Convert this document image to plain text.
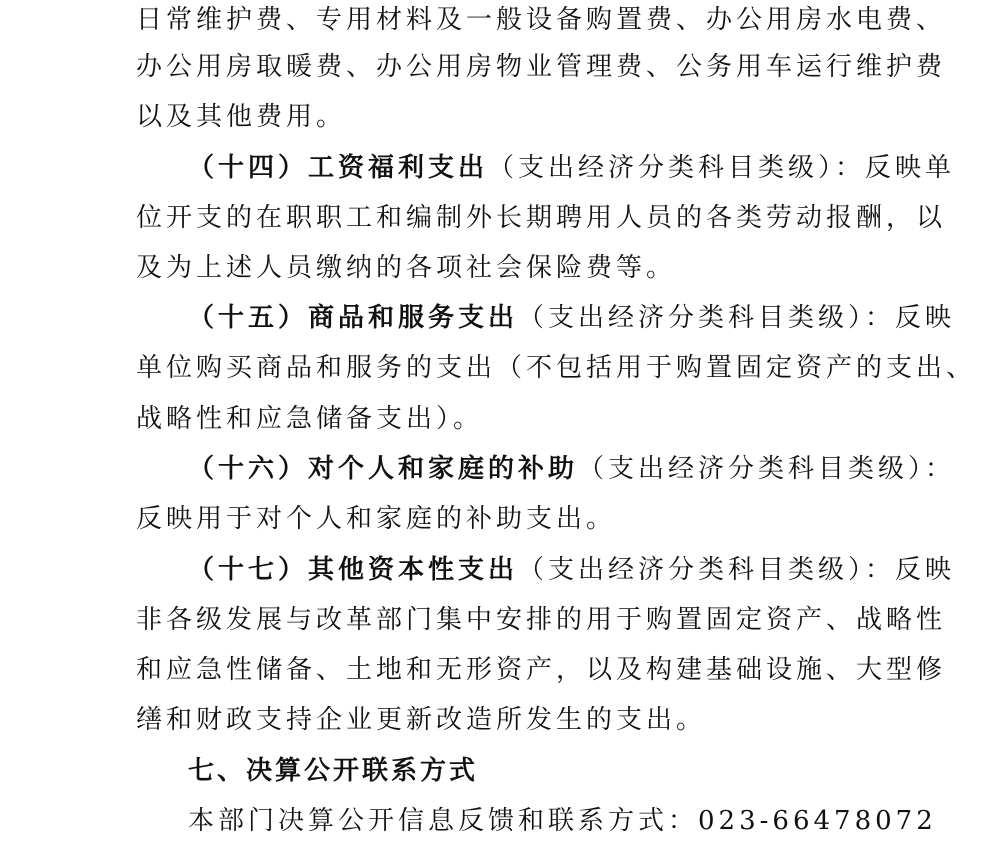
日常维护费、专用材料及一般设备购置费、办公用房水电费、
办公用房取暖费、办公用房物业管理费、公务用车运行维护费
以及其他费用。
（十四）工资福利支出（支出经济分类科目类级）：反映单
位开支的在职职工和编制外长期聘用人员的各类劳动报酬，以
及为上述人员缴纳的各项社会保险费等。
（十五）商品和服务支出（支出经济分类科目类级）：反映
单位购买商品和服务的支出（不包括用于购置固定资产的支出、
战略性和应急储备支出）。
（十六）对个人和家庭的补助（支出经济分类科目类级）：
反映用于对个人和家庭的补助支出。
（十七）其他资本性支出（支出经济分类科目类级）：反映
非各级发展与改革部门集中安排的用于购置固定资产、战略性
和应急性储备、土地和无形资产，以及构建基础设施、大型修
缮和财政支持企业更新改造所发生的支出。
七、决算公开联系方式
本部门决算公开信息反馈和联系方式：023-66478072
